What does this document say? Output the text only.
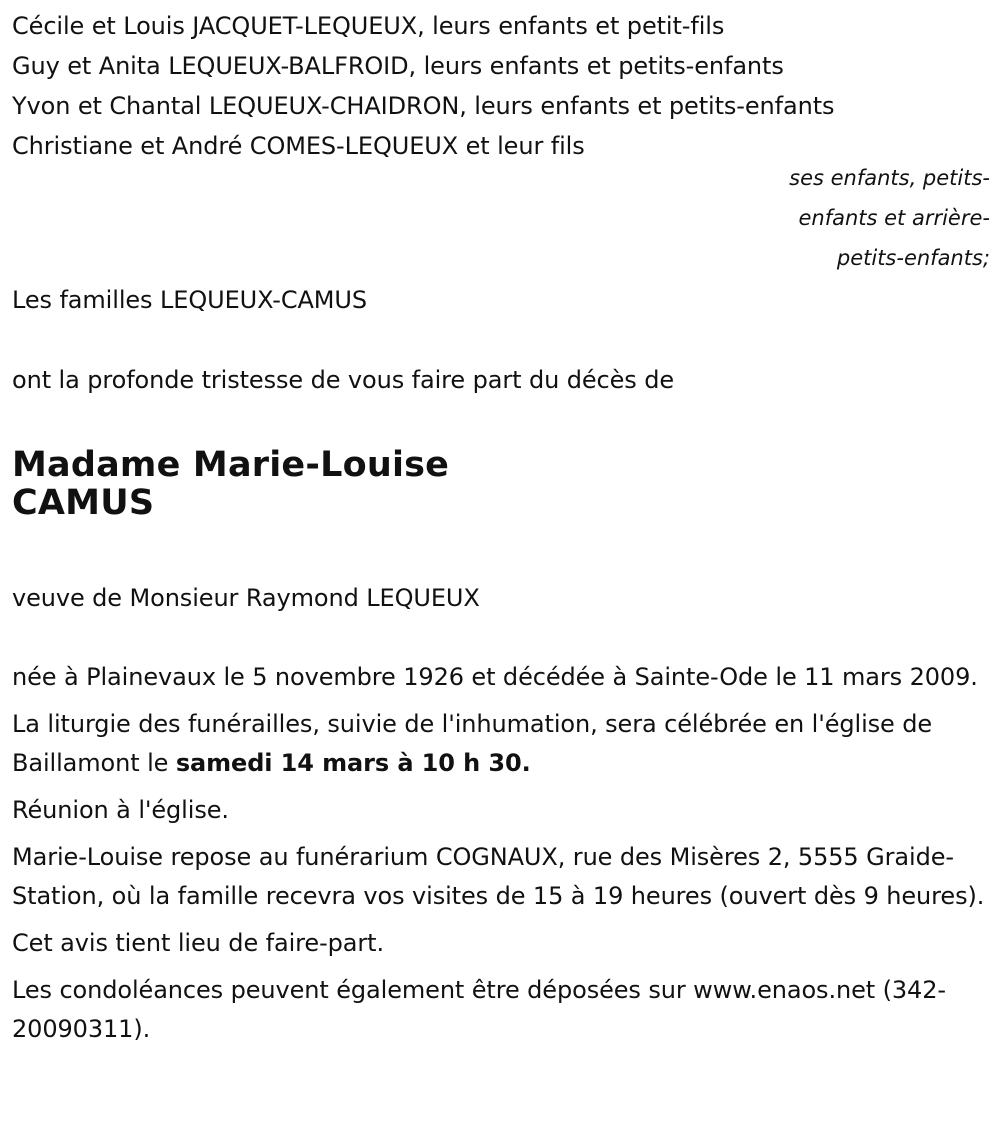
Cécile et Louis JACQUET-LEQUEUX, leurs enfants et petit-fils
Guy et Anita LEQUEUX-BALFROID, leurs enfants et petits-enfants
Yvon et Chantal LEQUEUX-CHAIDRON, leurs enfants et petits-enfants
Christiane et André COMES-LEQUEUX et leur fils
ses enfants, petits-
enfants et arrière-
petits-enfants;
Les familles LEQUEUX-CAMUS
ont la profonde tristesse de vous faire part du décès de
Madame Marie-Louise
CAMUS
veuve de Monsieur Raymond LEQUEUX
née à Plainevaux le 5 novembre 1926 et décédée à Sainte-Ode le 11 mars 2009.
La liturgie des funérailles, suivie de l'inhumation, sera célébrée en l'église de Baillamont le samedi 14 mars à 10 h 30.
Réunion à l'église.
Marie-Louise repose au funérarium COGNAUX, rue des Misères 2, 5555 Graide-Station, où la famille recevra vos visites de 15 à 19 heures (ouvert dès 9 heures).
Cet avis tient lieu de faire-part.
Les condoléances peuvent également être déposées sur www.enaos.net (342-20090311).
